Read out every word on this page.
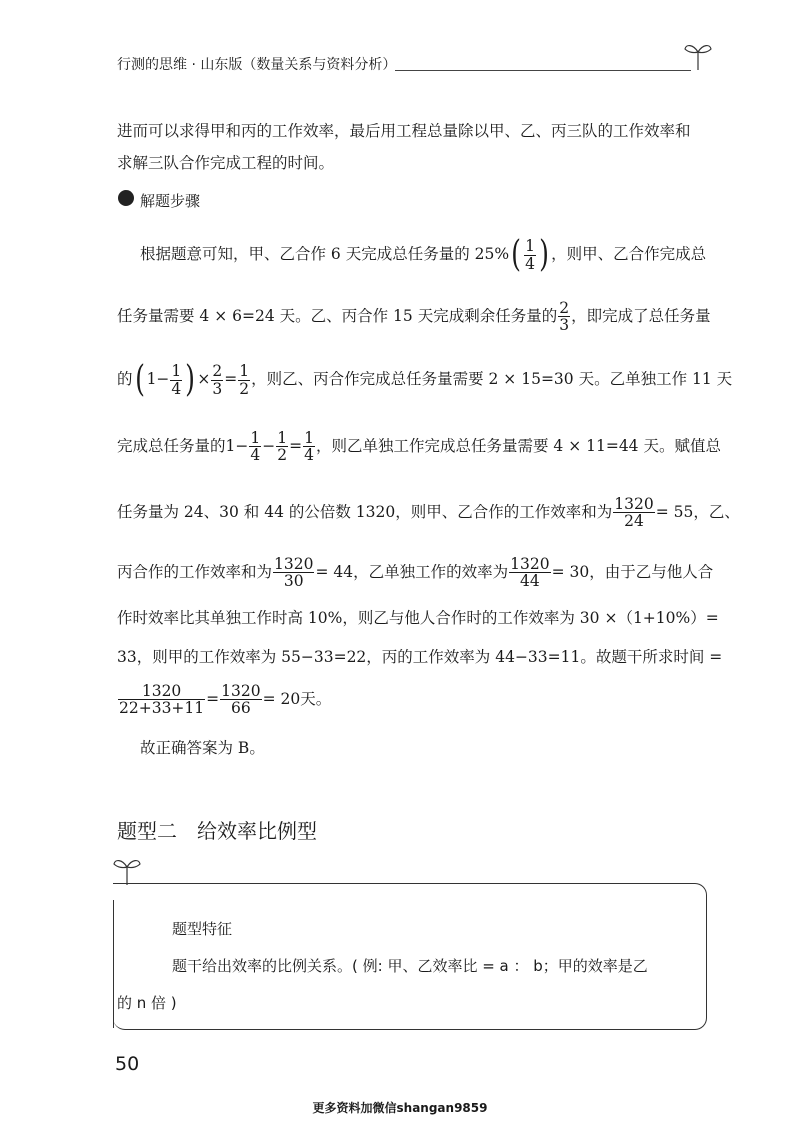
行测的思维 · 山东版（数量关系与资料分析）
进而可以求得甲和丙的工作效率，最后用工程总量除以甲、乙、丙三队的工作效率和
求解三队合作完成工程的时间。
解题步骤
根据题意可知，甲、乙合作 6 天完成总任务量的 $25\%( \frac{1}{4}$ ) ，则甲、乙合作完成总
任务量需要 4 × 6=24 天。乙、丙合作 15 天完成剩余任务量的 $\frac{2}{3}$ ，即完成了总任务量
的( $1- \frac{1}{4}$ ) × $\frac{2}{3} = \frac{1}{2}$ ，则乙、丙合作完成总任务量需要 2 × 15=30 天。乙单独工作 11 天
完成总任务量的$1- \frac{1}{4} - \frac{1}{2} = \frac{1}{4}$ ，则乙单独工作完成总任务量需要 4 × 11=44 天。赋值总
任务量为 24、30 和 44 的公倍数 1320，则甲、乙合作的工作效率和为 $\frac{1320}{24} = 55$，乙、
丙合作的工作效率和为 $\frac{1320}{30} = 44$，乙单独工作的效率为 $\frac{1320}{44} = 30$，由于乙与他人合
作时效率比其单独工作时高 10%，则乙与他人合作时的工作效率为 30 ×（1+10%）=
33，则甲的工作效率为 55−33=22，丙的工作效率为 44−33=11。故题干所求时间 =
$\frac{1320}{22+33+11} = \frac{1320}{66} = 20$天。
故正确答案为 B。
题型二　给效率比例型
题型特征
题干给出效率的比例关系。( 例: 甲、乙效率比 = a ： b；甲的效率是乙
的 n 倍 )
50
更多资料加微信shangan9859
